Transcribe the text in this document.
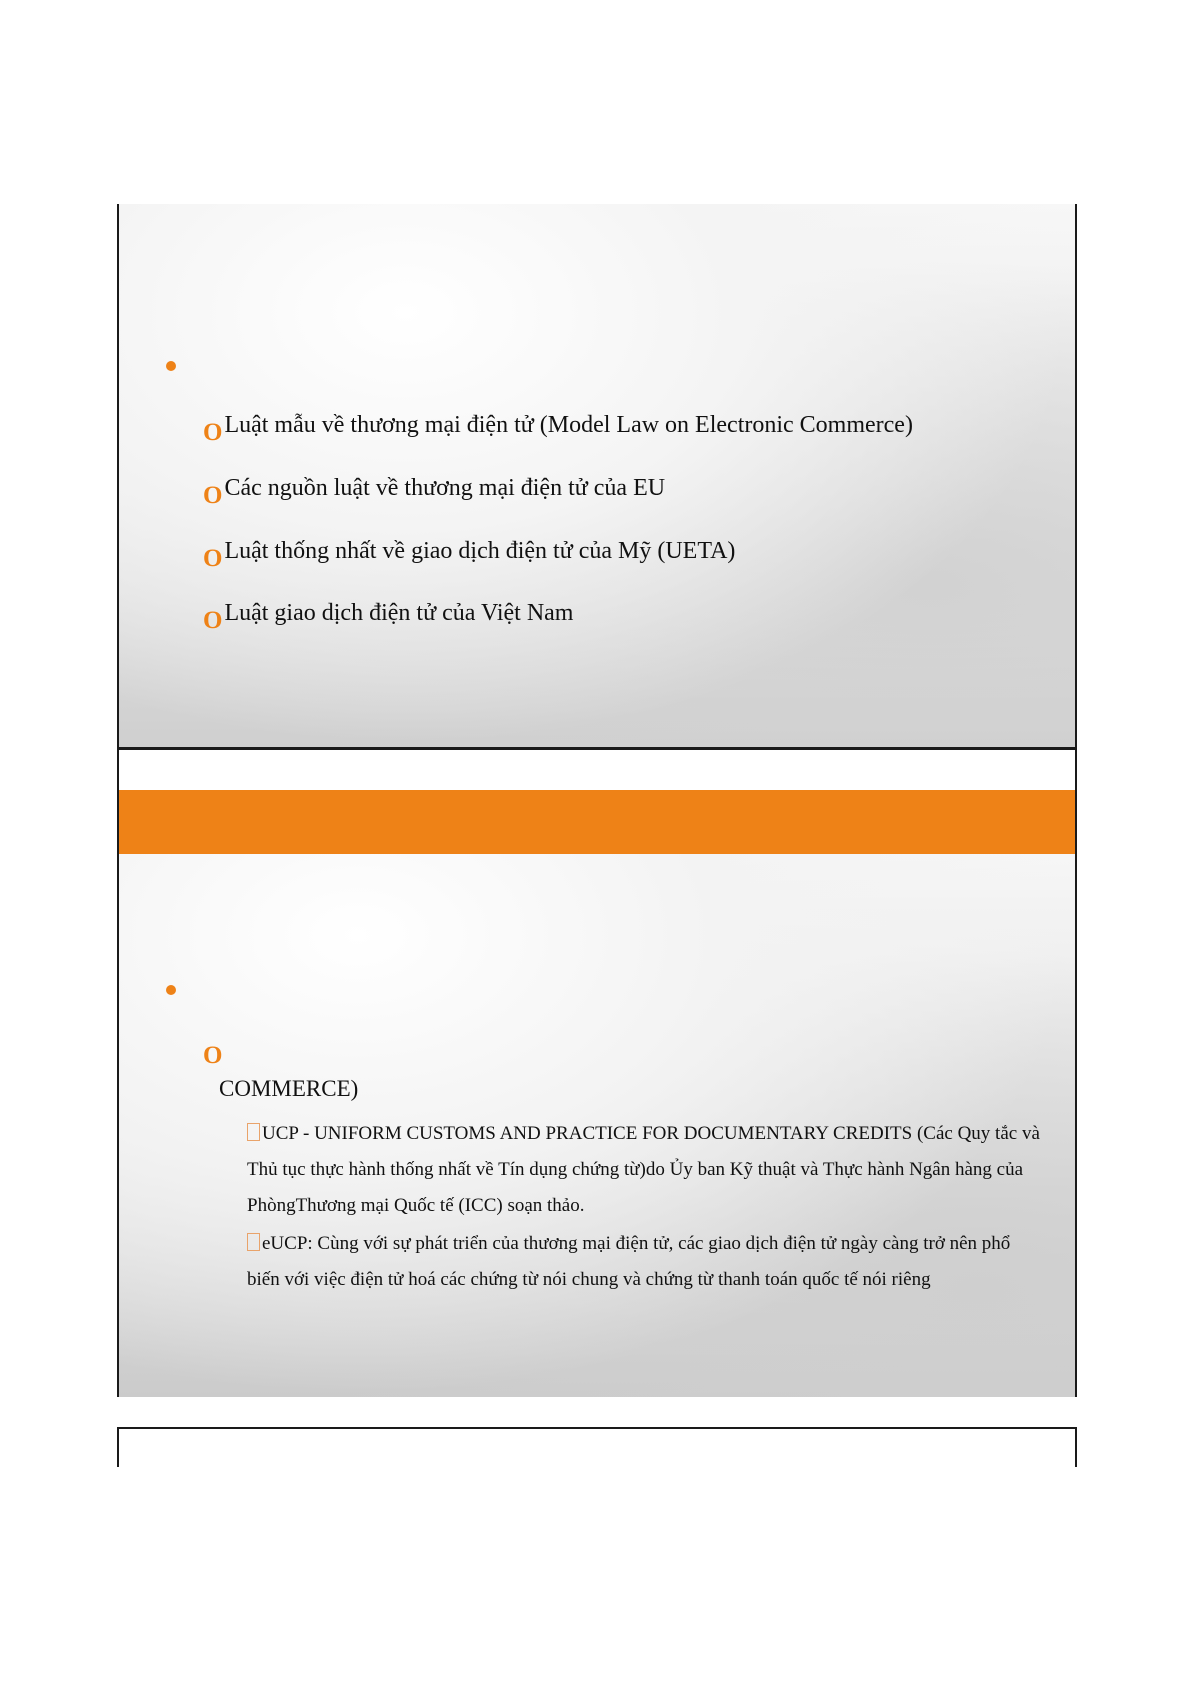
OLuật mẫu về thương mại điện tử (Model Law on Electronic Commerce)
OCác nguồn luật về thương mại điện tử của EU
OLuật thống nhất về giao dịch điện tử của Mỹ (UETA)
OLuật giao dịch điện tử của Việt Nam
O
COMMERCE)
UCP - UNIFORM CUSTOMS AND PRACTICE FOR DOCUMENTARY CREDITS (Các Quy tắc và Thủ tục thực hành thống nhất về Tín dụng chứng từ)do Ủy ban Kỹ thuật và Thực hành Ngân hàng của PhòngThương mại Quốc tế (ICC) soạn thảo.
eUCP: Cùng với sự phát triển của thương mại điện tử, các giao dịch điện tử ngày càng trở nên phổ biến với việc điện tử hoá các chứng từ nói chung và chứng từ thanh toán quốc tế nói riêng
